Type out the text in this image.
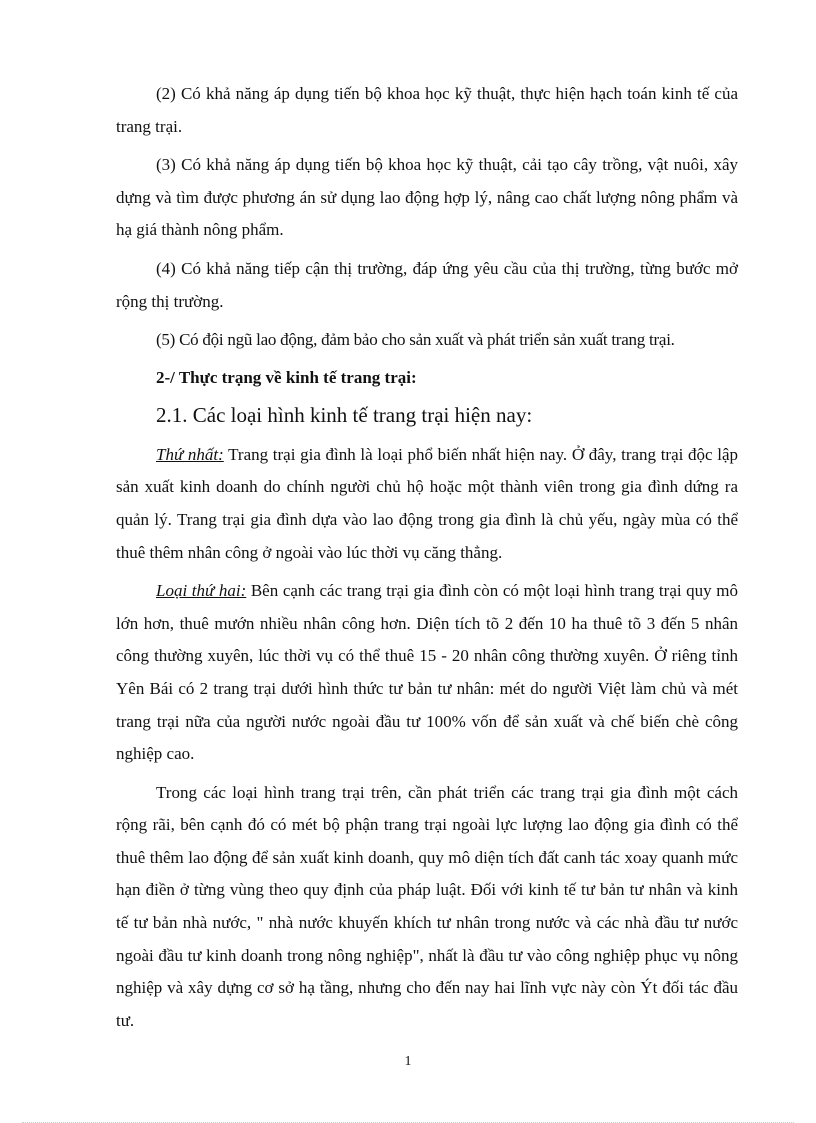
(2) Có khả năng áp dụng tiến bộ khoa học kỹ thuật, thực hiện hạch toán kinh tế của trang trại.

(3) Có khả năng áp dụng tiến bộ khoa học kỹ thuật, cải tạo cây trồng, vật nuôi, xây dựng và tìm được phương án sử dụng lao động hợp lý, nâng cao chất lượng nông phẩm và hạ giá thành nông phẩm.

(4) Có khả năng tiếp cận thị trường, đáp ứng yêu cầu của thị trường, từng bước mở rộng thị trường.

(5) Có đội ngũ lao động, đảm bảo cho sản xuất và phát triển sản xuất trang trại.

2-/ Thực trạng về kinh tế trang trại:

2.1. Các loại hình kinh tế trang trại hiện nay:

Thứ nhất: Trang trại gia đình là loại phổ biến nhất hiện nay. Ở đây, trang trại độc lập sản xuất kinh doanh do chính người chủ hộ hoặc một thành viên trong gia đình dứng ra quản lý. Trang trại gia đình dựa vào lao động trong gia đình là chủ yếu, ngày mùa có thể thuê thêm nhân công ở ngoài vào lúc thời vụ căng thẳng.

Loại thứ hai: Bên cạnh các trang trại gia đình còn có một loại hình trang trại quy mô lớn hơn, thuê mướn nhiều nhân công hơn. Diện tích tõ 2 đến 10 ha thuê tõ 3 đến 5 nhân công thường xuyên, lúc thời vụ có thể thuê 15 - 20 nhân công thường xuyên. Ở riêng tỉnh Yên Bái có 2 trang trại dưới hình thức tư bản tư nhân: mét do người Việt làm chủ và mét trang trại nữa của người nước ngoài đầu tư 100% vốn để sản xuất và chế biến chè công nghiệp cao.

Trong các loại hình trang trại trên, cần phát triển các trang trại gia đình một cách rộng rãi, bên cạnh đó có mét bộ phận trang trại ngoài lực lượng lao động gia đình có thể thuê thêm lao động để sản xuất kinh doanh, quy mô diện tích đất canh tác xoay quanh mức hạn điền ở từng vùng theo quy định của pháp luật. Đối với kinh tế tư bản tư nhân và kinh tế tư bản nhà nước, " nhà nước khuyến khích tư nhân trong nước và các nhà đầu tư nước ngoài đầu tư kinh doanh trong nông nghiệp", nhất là đầu tư vào công nghiệp phục vụ nông nghiệp và xây dựng cơ sở hạ tầng, nhưng cho đến nay hai lĩnh vực này còn Ýt đối tác đầu tư.

1
